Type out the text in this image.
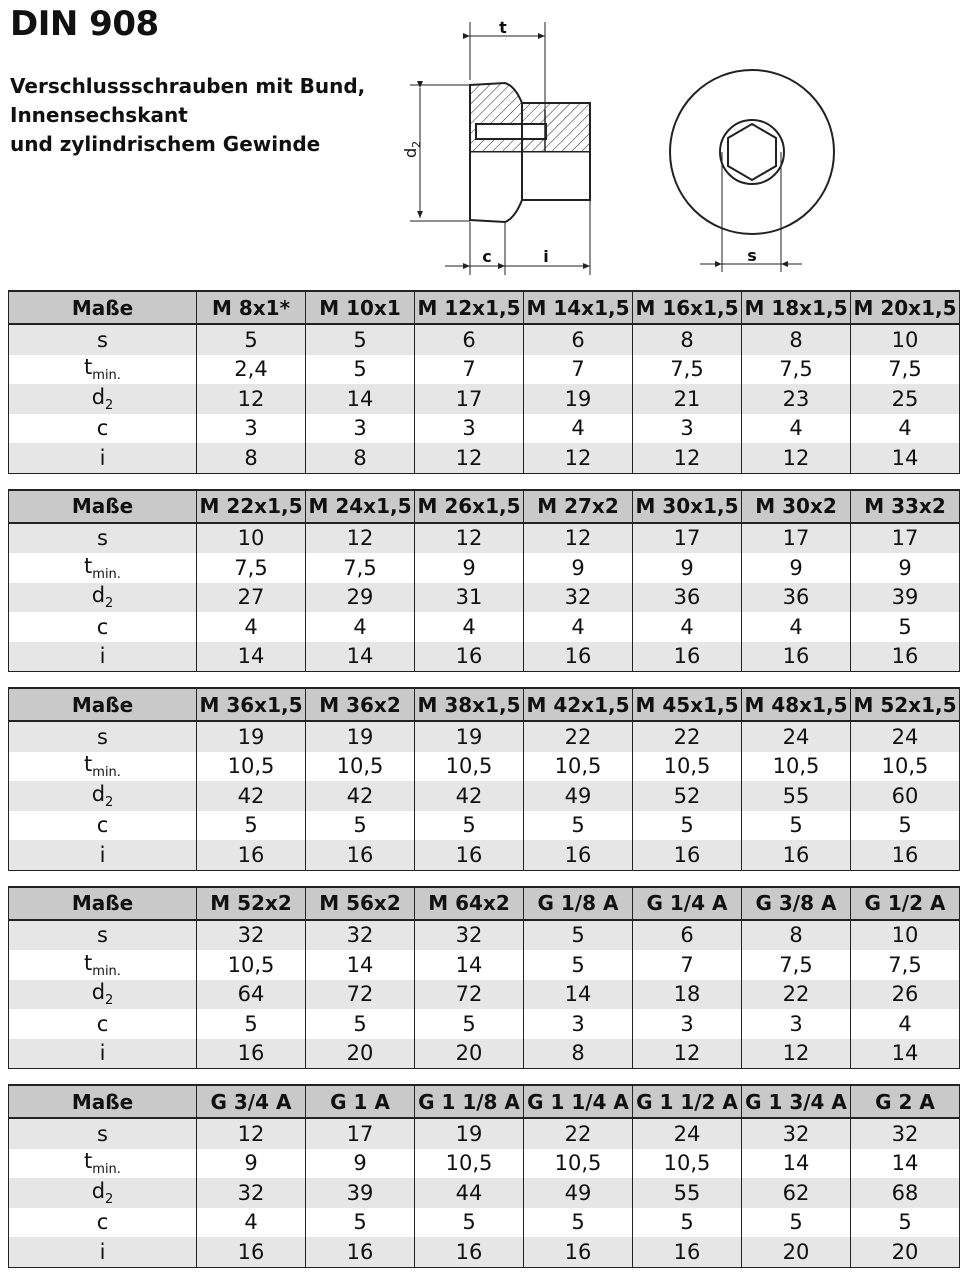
DIN 908
Verschlussschrauben mit Bund,
Innensechskant
und zylindrischem Gewinde
t
c	i	s
$d_2$
Maße	M 8x1*	M 10x1	M 12x1,5	M 14x1,5	M 16x1,5	M 18x1,5	M 20x1,5
s	5	5	6	6	8	8	10
$t_{min.}$	2,4	5	7	7	7,5	7,5	7,5
$d_2$	12	14	17	19	21	23	25
c	3	3	3	4	3	4	4
i	8	8	12	12	12	12	14
Maße	M 22x1,5	M 24x1,5	M 26x1,5	M 27x2	M 30x1,5	M 30x2	M 33x2
s	10	12	12	12	17	17	17
$t_{min.}$	7,5	7,5	9	9	9	9	9
$d_2$	27	29	31	32	36	36	39
c	4	4	4	4	4	4	5
i	14	14	16	16	16	16	16
Maße	M 36x1,5	M 36x2	M 38x1,5	M 42x1,5	M 45x1,5	M 48x1,5	M 52x1,5
s	19	19	19	22	22	24	24
$t_{min.}$	10,5	10,5	10,5	10,5	10,5	10,5	10,5
$d_2$	42	42	42	49	52	55	60
c	5	5	5	5	5	5	5
i	16	16	16	16	16	16	16
Maße	M 52x2	M 56x2	M 64x2	G 1/8 A	G 1/4 A	G 3/8 A	G 1/2 A
s	32	32	32	5	6	8	10
$t_{min.}$	10,5	14	14	5	7	7,5	7,5
$d_2$	64	72	72	14	18	22	26
c	5	5	5	3	3	3	4
i	16	20	20	8	12	12	14
Maße	G 3/4 A	G 1 A	G 1 1/8 A	G 1 1/4 A	G 1 1/2 A	G 1 3/4 A	G 2 A
s	12	17	19	22	24	32	32
$t_{min.}$	9	9	10,5	10,5	10,5	14	14
$d_2$	32	39	44	49	55	62	68
c	4	5	5	5	5	5	5
i	16	16	16	16	16	20	20
